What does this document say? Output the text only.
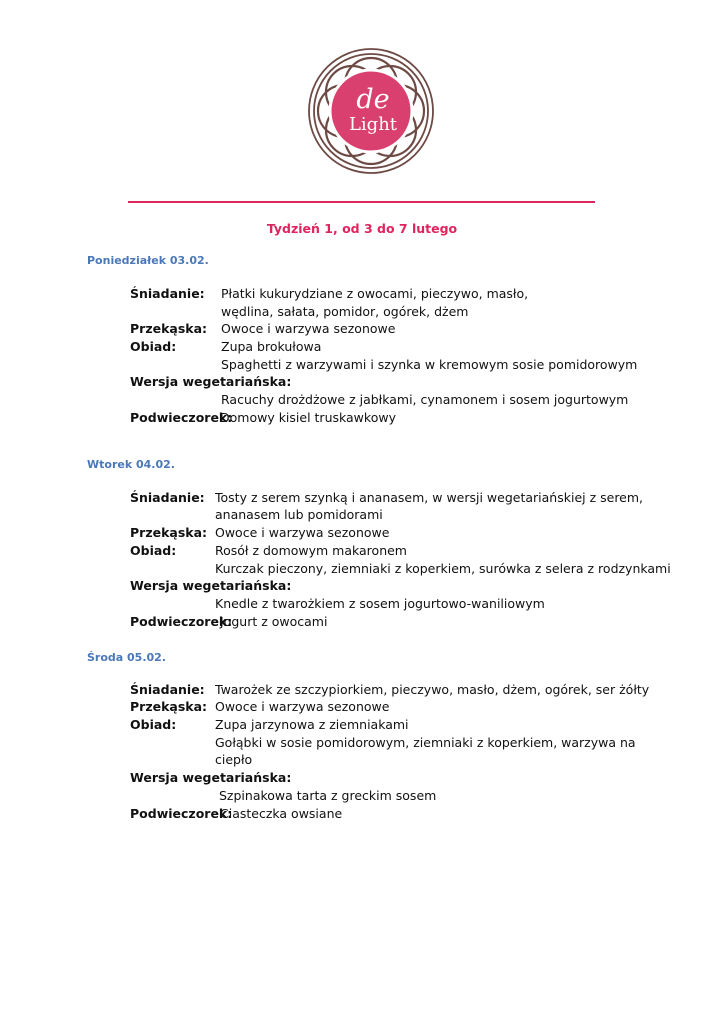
de
Light
Tydzień 1, od 3 do 7 lutego
Poniedziałek 03.02.
Śniadanie: Płatki kukurydziane z owocami, pieczywo, masło,
wędlina, sałata, pomidor, ogórek, dżem
Przekąska: Owoce i warzywa sezonowe
Obiad:	Zupa brokułowa
Spaghetti z warzywami i szynka w kremowym sosie pomidorowym
Wersja wegetariańska:
Racuchy drożdżowe z jabłkami, cynamonem i sosem jogurtowym
Podwieczorek:
Domowy kisiel truskawkowy
Wtorek 04.02.
Śniadanie: Tosty z serem szynką i ananasem, w wersji wegetariańskiej z serem,
ananasem lub pomidorami
Przekąska: Owoce i warzywa sezonowe
Obiad:	Rosół z domowym makaronem
Kurczak pieczony, ziemniaki z koperkiem, surówka z selera z rodzynkami
Wersja wegetariańska:
Knedle z twarożkiem z sosem jogurtowo-waniliowym
Podwieczorek:
Jogurt z owocami
Środa 05.02.
Śniadanie: Twarożek ze szczypiorkiem, pieczywo, masło, dżem, ogórek, ser żółty
Przekąska: Owoce i warzywa sezonowe
Obiad:	Zupa jarzynowa z ziemniakami
Gołąbki w sosie pomidorowym, ziemniaki z koperkiem, warzywa na
ciepło
Wersja wegetariańska:
Szpinakowa tarta z greckim sosem
Podwieczorek:
Ciasteczka owsiane
